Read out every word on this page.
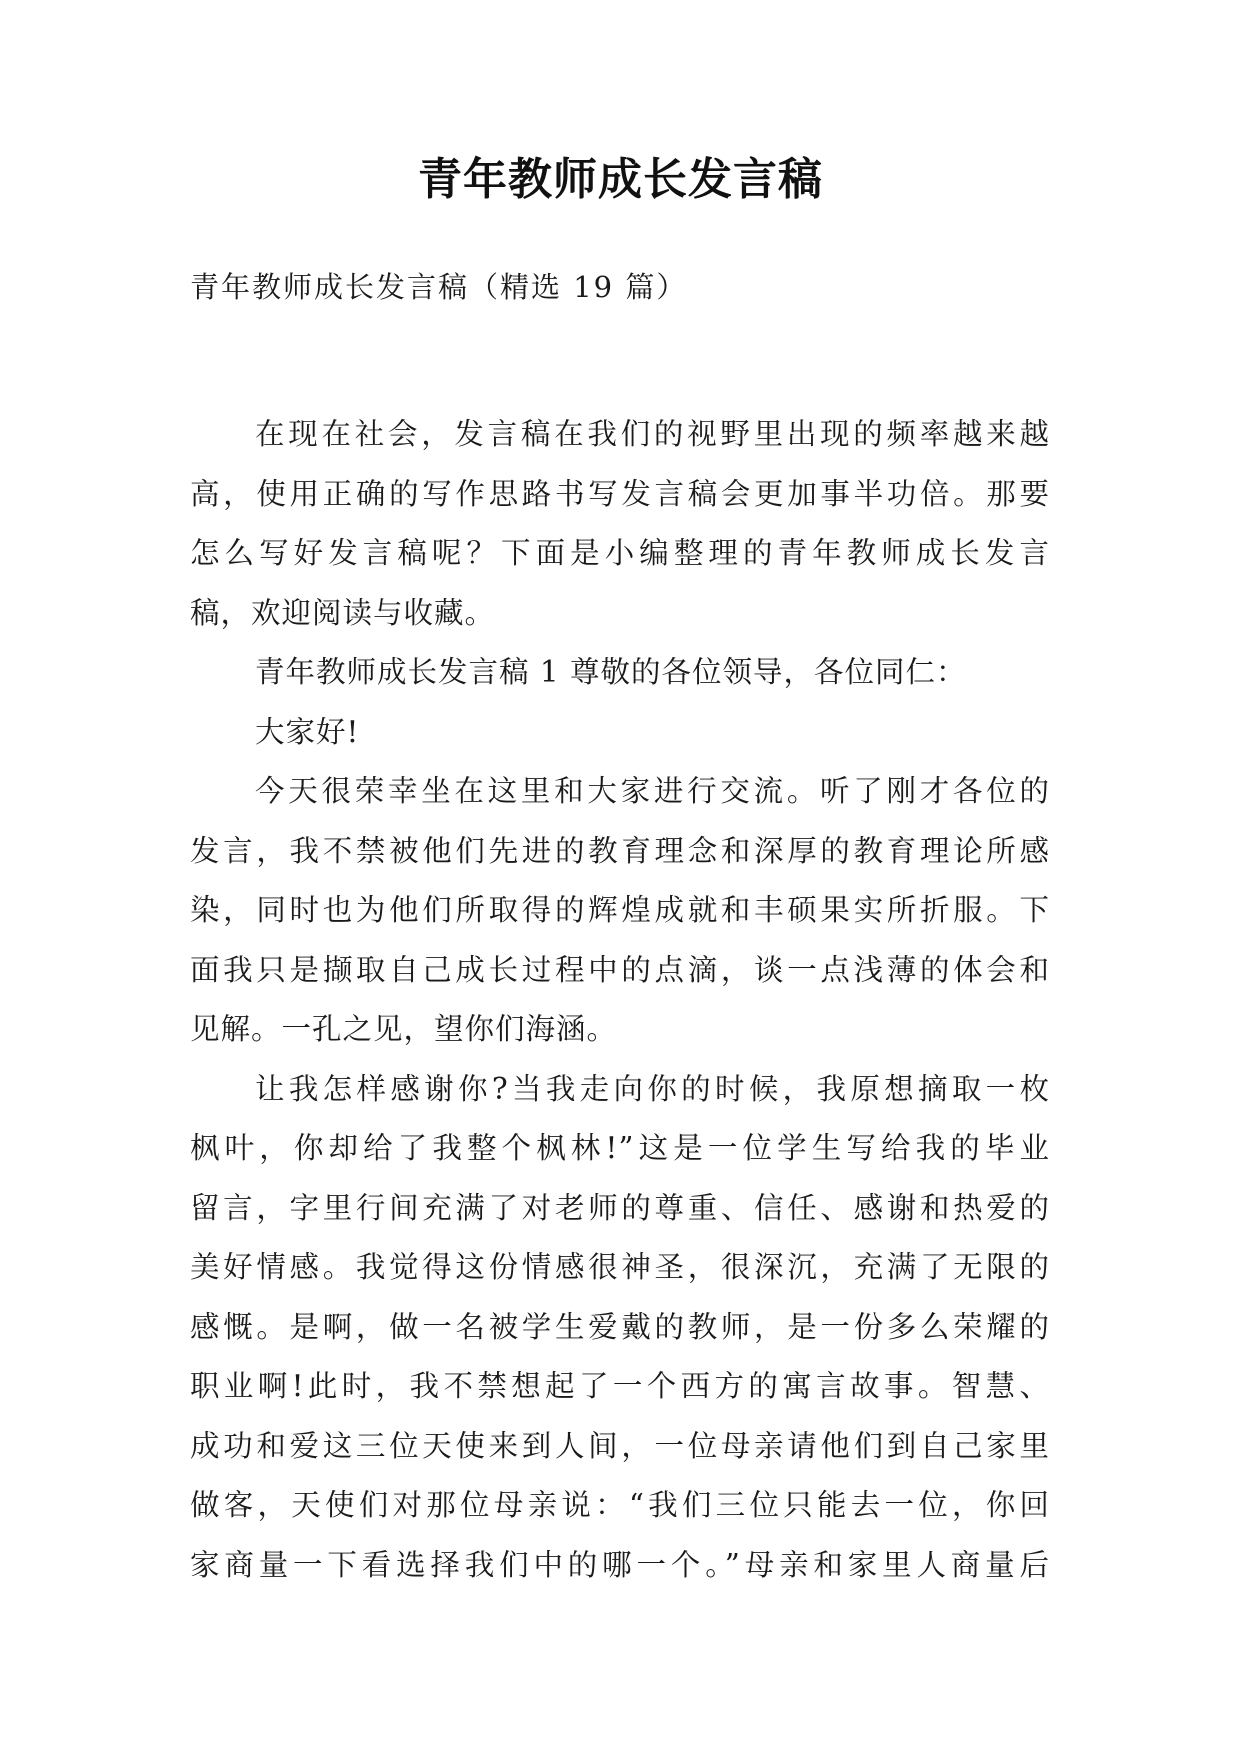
青年教师成长发言稿
青年教师成长发言稿（精选 19 篇）
在现在社会，发言稿在我们的视野里出现的频率越来越
高，使用正确的写作思路书写发言稿会更加事半功倍。那要
怎么写好发言稿呢？下面是小编整理的青年教师成长发言
稿，欢迎阅读与收藏。
青年教师成长发言稿 1 尊敬的各位领导，各位同仁：
大家好!
今天很荣幸坐在这里和大家进行交流。听了刚才各位的
发言，我不禁被他们先进的教育理念和深厚的教育理论所感
染，同时也为他们所取得的辉煌成就和丰硕果实所折服。下
面我只是撷取自己成长过程中的点滴，谈一点浅薄的体会和
见解。一孔之见，望你们海涵。
让我怎样感谢你?当我走向你的时候，我原想摘取一枚
枫叶，你却给了我整个枫林!”这是一位学生写给我的毕业
留言，字里行间充满了对老师的尊重、信任、感谢和热爱的
美好情感。我觉得这份情感很神圣，很深沉，充满了无限的
感慨。是啊，做一名被学生爱戴的教师，是一份多么荣耀的
职业啊!此时，我不禁想起了一个西方的寓言故事。智慧、
成功和爱这三位天使来到人间，一位母亲请他们到自己家里
做客，天使们对那位母亲说：“我们三位只能去一位，你回
家商量一下看选择我们中的哪一个。”母亲和家里人商量后
